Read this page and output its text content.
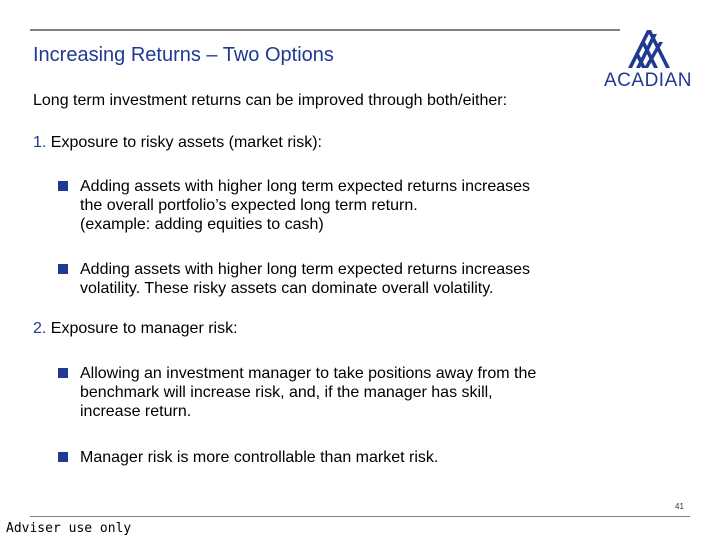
Increasing Returns – Two Options
ACADIAN
Long term investment returns can be improved through both/either:
1. Exposure to risky assets (market risk):
Adding assets with higher long term expected returns increases
the overall portfolio’s expected long term return.
(example: adding equities to cash)
Adding assets with higher long term expected returns increases
volatility. These risky assets can dominate overall volatility.
2. Exposure to manager risk:
Allowing an investment manager to take positions away from the
benchmark will increase risk, and, if the manager has skill,
increase return.
Manager risk is more controllable than market risk.
41
Adviser use only
